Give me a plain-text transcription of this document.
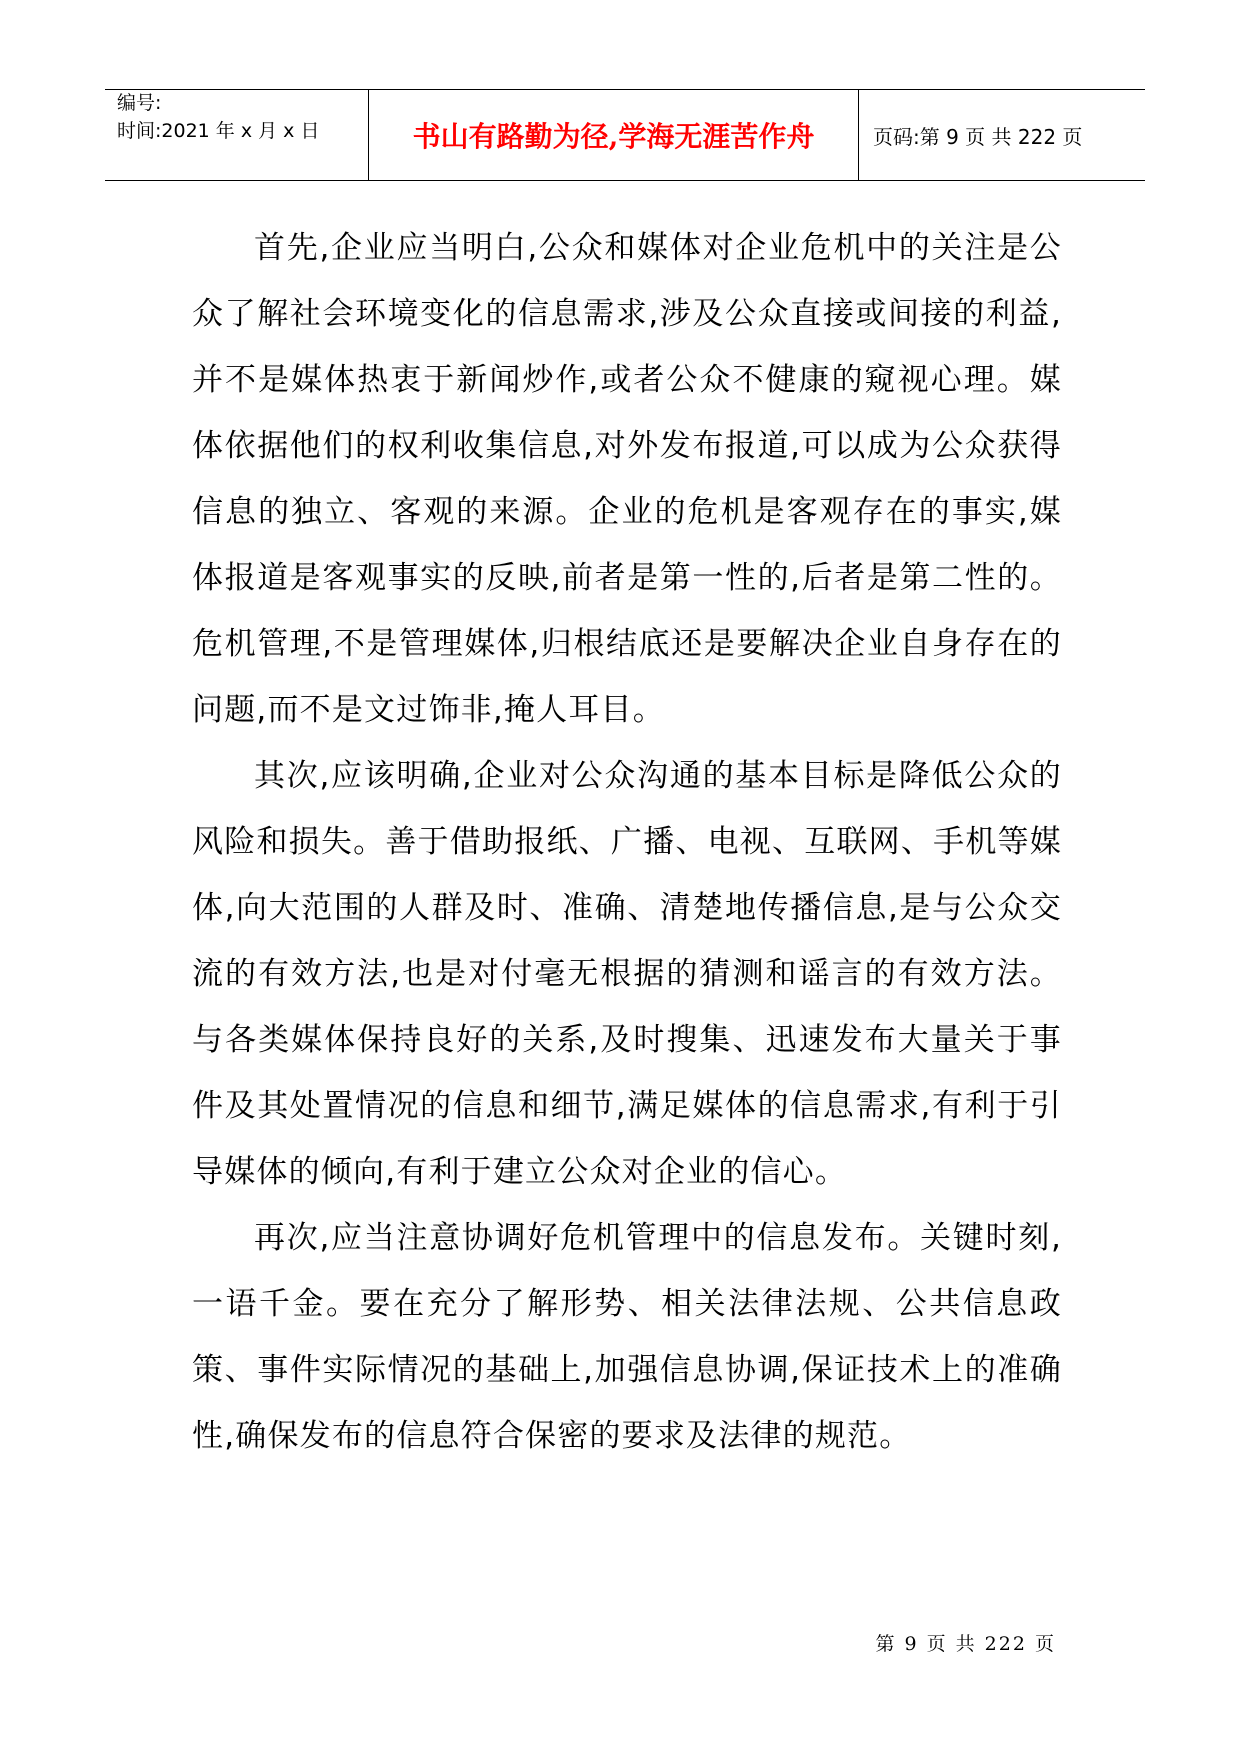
编号:
时间:2021 年 x 月 x 日	书山有路勤为径,学海无涯苦作舟	页码:第 9 页 共 222 页

首先,企业应当明白,公众和媒体对企业危机中的关注是公众了解社会环境变化的信息需求,涉及公众直接或间接的利益,并不是媒体热衷于新闻炒作,或者公众不健康的窥视心理。媒体依据他们的权利收集信息,对外发布报道,可以成为公众获得信息的独立、客观的来源。企业的危机是客观存在的事实,媒体报道是客观事实的反映,前者是第一性的,后者是第二性的。危机管理,不是管理媒体,归根结底还是要解决企业自身存在的问题,而不是文过饰非,掩人耳目。

其次,应该明确,企业对公众沟通的基本目标是降低公众的风险和损失。善于借助报纸、广播、电视、互联网、手机等媒体,向大范围的人群及时、准确、清楚地传播信息,是与公众交流的有效方法,也是对付毫无根据的猜测和谣言的有效方法。与各类媒体保持良好的关系,及时搜集、迅速发布大量关于事件及其处置情况的信息和细节,满足媒体的信息需求,有利于引导媒体的倾向,有利于建立公众对企业的信心。

再次,应当注意协调好危机管理中的信息发布。关键时刻,一语千金。要在充分了解形势、相关法律法规、公共信息政策、事件实际情况的基础上,加强信息协调,保证技术上的准确性,确保发布的信息符合保密的要求及法律的规范。

第 9 页 共 222 页
